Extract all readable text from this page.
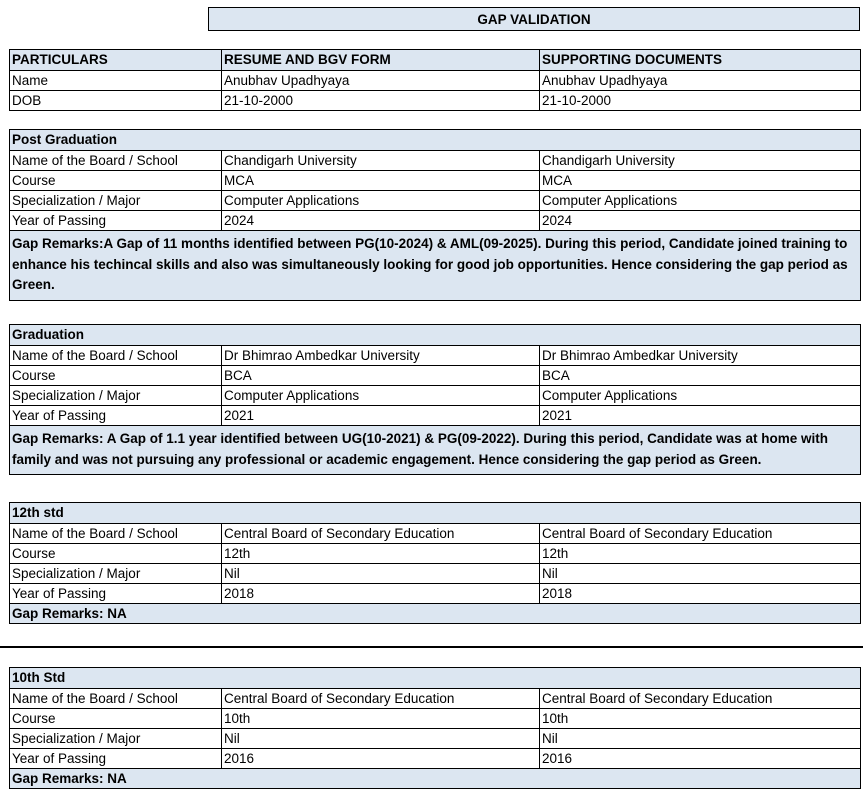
GAP VALIDATION
PARTICULARS	RESUME AND BGV FORM	SUPPORTING DOCUMENTS
Name	Anubhav Upadhyaya	Anubhav Upadhyaya
DOB	21-10-2000	21-10-2000
Post Graduation		
Name of the Board / School	Chandigarh University	Chandigarh University
Course	MCA	MCA
Specialization / Major	Computer Applications	Computer Applications
Year of Passing	2024	2024
Gap Remarks:A Gap of 11 months identified between PG(10-2024) & AML(09-2025). During this period, Candidate joined training to enhance his techincal skills and also was simultaneously looking for good job opportunities. Hence considering the gap period as Green.		
Graduation		
Name of the Board / School	Dr Bhimrao Ambedkar University	Dr Bhimrao Ambedkar University
Course	BCA	BCA
Specialization / Major	Computer Applications	Computer Applications
Year of Passing	2021	2021
Gap Remarks: A Gap of 1.1 year identified between UG(10-2021) & PG(09-2022). During this period, Candidate was at home with family and was not pursuing any professional or academic engagement. Hence considering the gap period as Green.		
12th std		
Name of the Board / School	Central Board of Secondary Education	Central Board of Secondary Education
Course	12th	12th
Specialization / Major	Nil	Nil
Year of Passing	2018	2018
Gap Remarks: NA		
10th Std		
Name of the Board / School	Central Board of Secondary Education	Central Board of Secondary Education
Course	10th	10th
Specialization / Major	Nil	Nil
Year of Passing	2016	2016
Gap Remarks: NA		
